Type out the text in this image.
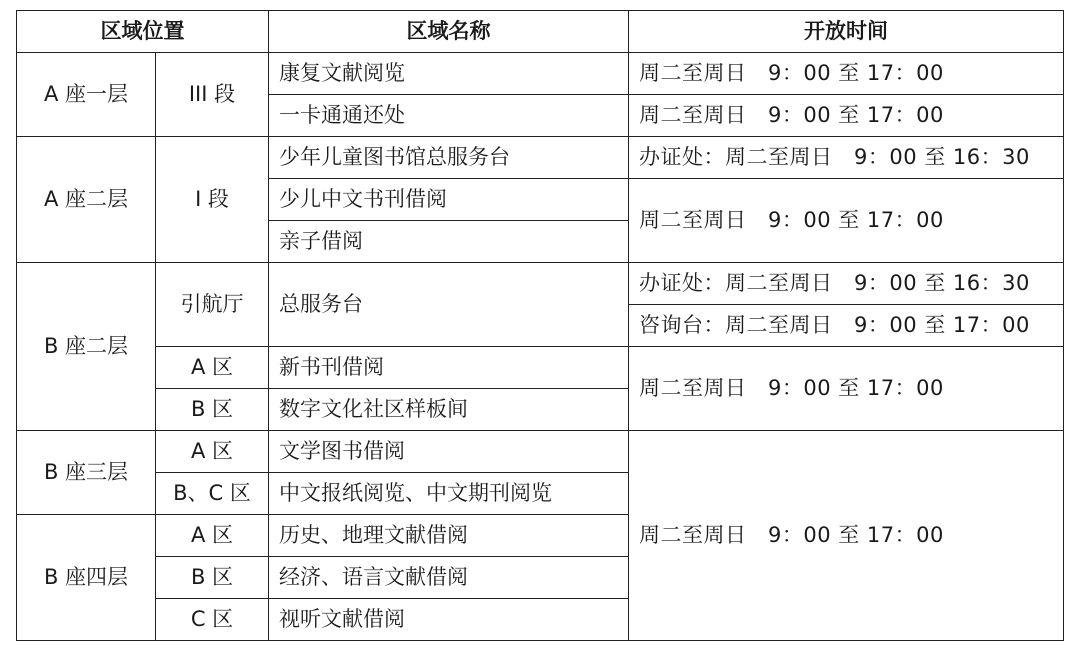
区域位置		区域名称	开放时间
A 座一层	III 段	康复文献阅览	周二至周日　9：00 至 17：00
		一卡通通还处	周二至周日　9：00 至 17：00
A 座二层	I 段	少年儿童图书馆总服务台	办证处：周二至周日　9：00 至 16：30
		少儿中文书刊借阅	周二至周日　9：00 至 17：00
		亲子借阅	
B 座二层	引航厅	总服务台	办证处：周二至周日　9：00 至 16：30
			咨询台：周二至周日　9：00 至 17：00
	A 区	新书刊借阅	周二至周日　9：00 至 17：00
	B 区	数字文化社区样板间	
B 座三层	A 区	文学图书借阅	周二至周日　9：00 至 17：00
	B、C 区	中文报纸阅览、中文期刊阅览	
B 座四层	A 区	历史、地理文献借阅	
	B 区	经济、语言文献借阅	
	C 区	视听文献借阅	
